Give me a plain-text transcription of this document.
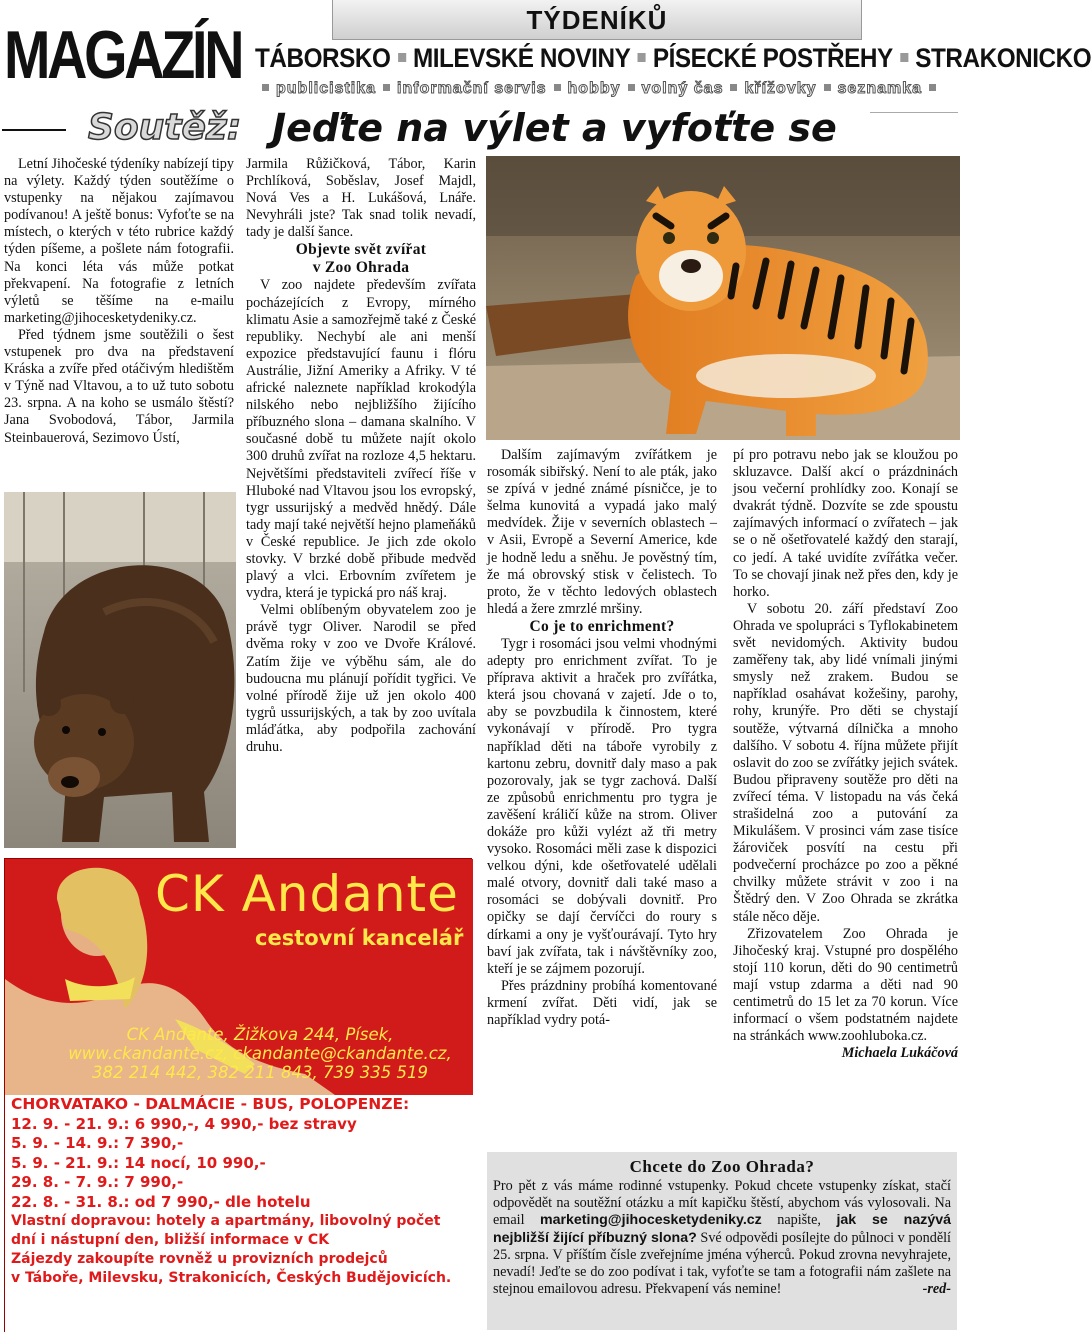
MAGAZÍN	TÝDENÍKŮ
TÁBORSKO MILEVSKÉ NOVINY PÍSECKÉ POSTŘEHY STRAKONICKO
publicistika informační servis hobby volný čas křížovky seznamka
Soutěž: Jeďte na výlet a vyfoťte se

Letní Jihočeské týdeníky nabízejí tipy na výlety. Každý týden soutěžíme o vstupenky na nějakou zajímavou podívanou! A ještě bonus: Vyfoťte se na místech, o kterých v této rubrice každý týden píšeme, a pošlete nám fotografii. Na konci léta vás může potkat překvapení. Na fotografie z letních výletů se těšíme na e-mailu marketing@jihocesketydeniky.cz.

Před týdnem jsme soutěžili o šest vstupenek pro dva na představení Kráska a zvíře před otáčivým hledištěm v Týně nad Vltavou, a to už tuto sobotu 23. srpna. A na koho se usmálo štěstí? Jana Svobodová, Tábor, Jarmila Steinbauerová, Sezimovo Ústí,

Jarmila Růžičková, Tábor, Karin Prchlíková, Soběslav, Josef Majdl, Nová Ves a H. Lukášová, Lnáře. Nevyhráli jste? Tak snad tolik nevadí, tady je další šance.

Objevte svět zvířat
v Zoo Ohrada

V zoo najdete především zvířata pocházejících z Evropy, mírného klimatu Asie a samozřejmě také z České republiky. Nechybí ale ani menší expozice představující faunu i flóru Austrálie, Jižní Ameriky a Afriky. V té africké naleznete například krokodýla nilského nebo nejbližšího žijícího příbuzného slona – damana skalního. V současné době tu můžete najít okolo 300 druhů zvířat na rozloze 4,5 hektaru. Největšími představiteli zvířecí říše v Hluboké nad Vltavou jsou los evropský, tygr ussurijský a medvěd hnědý. Dále tady mají také největší hejno plameňáků v České republice. Je jich zde okolo stovky. V brzké době přibude medvěd plavý a vlci. Erbovním zvířetem je vydra, která je typická pro náš kraj.

Velmi oblíbeným obyvatelem zoo je právě tygr Oliver. Narodil se před dvěma roky v zoo ve Dvoře Králové. Zatím žije ve výběhu sám, ale do budoucna mu plánují pořídit tygřici. Ve volné přírodě žije už jen okolo 400 tygrů ussurijských, a tak by zoo uvítala mláďátka, aby podpořila zachování druhu.

Dalším zajímavým zvířátkem je rosomák sibiřský. Není to ale pták, jako se zpívá v jedné známé písničce, je to šelma kunovitá a vypadá jako malý medvídek. Žije v severních oblastech – v Asii, Evropě a Severní Americe, kde je hodně ledu a sněhu. Je pověstný tím, že má obrovský stisk v čelistech. To proto, že v těchto ledových oblastech hledá a žere zmrzlé mršiny.

Co je to enrichment?

Tygr i rosomáci jsou velmi vhodnými adepty pro enrichment zvířat. To je příprava aktivit a hraček pro zvířátka, která jsou chovaná v zajetí. Jde o to, aby se povzbudila k činnostem, které vykonávají v přírodě. Pro tygra například děti na táboře vyrobily z kartonu zebru, dovnitř daly maso a pak pozorovaly, jak se tygr zachová. Další ze způsobů enrichmentu pro tygra je zavěšení králičí kůže na strom. Oliver dokáže pro kůži vylézt až tři metry vysoko. Rosomáci měli zase k dispozici velkou dýni, kde ošetřovatelé udělali malé otvory, dovnitř dali také maso a rosomáci se dobývali dovnitř. Pro opičky se dají červíčci do roury s dírkami a ony je vyšťourávají. Tyto hry baví jak zvířata, tak i návštěvníky zoo, kteří je se zájmem pozorují.

Přes prázdniny probíhá komentované krmení zvířat. Děti vidí, jak se například vydry potá-

pí pro potravu nebo jak se kloužou po skluzavce. Další akcí o prázdninách jsou večerní prohlídky zoo. Konají se dvakrát týdně. Dozvíte se zde spoustu zajímavých informací o zvířatech – jak se o ně ošetřovatelé každý den starají, co jedí. A také uvidíte zvířátka večer. To se chovají jinak než přes den, kdy je horko.

V sobotu 20. září představí Zoo Ohrada ve spolupráci s Tyflokabinetem svět nevidomých. Aktivity budou zaměřeny tak, aby lidé vnímali jinými smysly než zrakem. Budou se například osahávat kožešiny, parohy, rohy, krunýře. Pro děti se chystají soutěže, výtvarná dílnička a mnoho dalšího. V sobotu 4. října můžete přijít oslavit do zoo se zvířátky jejich svátek. Budou připraveny soutěže pro děti na zvířecí téma. V listopadu na vás čeká strašidelná zoo a putování za Mikulášem. V prosinci vám zase tisíce žároviček posvítí na cestu při podvečerní procházce po zoo a pěkné chvilky můžete strávit v zoo i na Štědrý den. V Zoo Ohrada se zkrátka stále něco děje.

Zřizovatelem Zoo Ohrada je Jihočeský kraj. Vstupné pro dospělého stojí 110 korun, děti do 90 centimetrů mají vstup zdarma a děti nad 90 centimetrů do 15 let za 70 korun. Více informací o všem podstatném najdete na stránkách www.zoohluboka.cz.

Michaela Lukáčová
CK Andante
cestovní kancelář
CK Andante, Žižkova 244, Písek,
www.ckandante.cz, ckandante@ckandante.cz,
382 214 442, 382 211 843, 739 335 519
CHORVATAKO - DALMÁCIE - BUS, POLOPENZE:
12. 9. - 21. 9.: 6 990,-, 4 990,- bez stravy
5. 9. - 14. 9.: 7 390,-
5. 9. - 21. 9.: 14 nocí, 10 990,-
29. 8. - 7. 9.: 7 990,-
22. 8. - 31. 8.: od 7 990,- dle hotelu
Vlastní dopravou: hotely a apartmány, libovolný počet
dní i nástupní den, bližší informace v CK
Zájezdy zakoupíte rovněž u provizních prodejců
v Táboře, Milevsku, Strakonicích, Českých Budějovicích.
Chcete do Zoo Ohrada?
Pro pět z vás máme rodinné vstupenky. Pokud chcete vstupenky získat, stačí odpovědět na soutěžní otázku a mít kapičku štěstí, abychom vás vylosovali. Na email marketing@jihocesketydeniky.cz napište, jak se nazývá nejbližší žijící příbuzný slona? Své odpovědi posílejte do půlnoci v pondělí 25. srpna. V příštím čísle zveřejníme jména výherců. Pokud zrovna nevyhrajete, nevadí! Jeďte se do zoo podívat i tak, vyfoťte se tam a fotografii nám zašlete na stejnou emailovou adresu. Překvapení vás nemine!	-red-
